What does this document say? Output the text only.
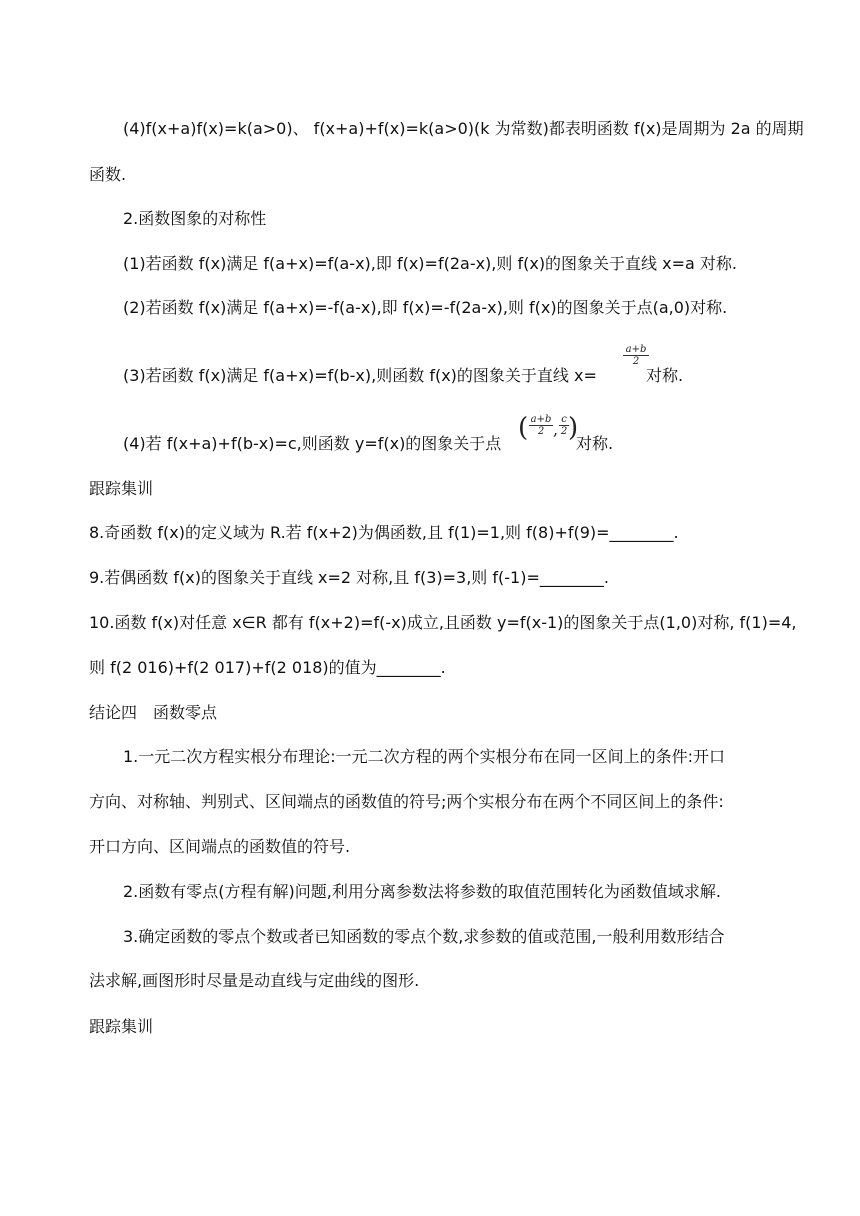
(4)f(x+a)f(x)=k(a>0)、 f(x+a)+f(x)=k(a>0)(k 为常数)都表明函数 f(x)是周期为 2a 的周期
函数.
2.函数图象的对称性
(1)若函数 f(x)满足 f(a+x)=f(a-x),即 f(x)=f(2a-x),则 f(x)的图象关于直线 x=a 对称.
(2)若函数 f(x)满足 f(a+x)=-f(a-x),即 f(x)=-f(2a-x),则 f(x)的图象关于点(a,0)对称.
(3)若函数 f(x)满足 f(a+x)=f(b-x),则函数 f(x)的图象关于直线 x=
a+b
2
对称.
(4)若 f(x+a)+f(b-x)=c,则函数 y=f(x)的图象关于点
( a+b
2 ,
c
2 )
对称.
跟踪集训
8.奇函数 f(x)的定义域为 R.若 f(x+2)为偶函数,且 f(1)=1,则 f(8)+f(9)=________.
9.若偶函数 f(x)的图象关于直线 x=2 对称,且 f(3)=3,则 f(-1)=________.
10.函数 f(x)对任意 x∈R 都有 f(x+2)=f(-x)成立,且函数 y=f(x-1)的图象关于点(1,0)对称, f(1)=4,
则 f(2 016)+f(2 017)+f(2 018)的值为________.
结论四　函数零点
1.一元二次方程实根分布理论:一元二次方程的两个实根分布在同一区间上的条件:开口
方向、对称轴、判别式、区间端点的函数值的符号;两个实根分布在两个不同区间上的条件:
开口方向、区间端点的函数值的符号.
2.函数有零点(方程有解)问题,利用分离参数法将参数的取值范围转化为函数值域求解.
3.确定函数的零点个数或者已知函数的零点个数,求参数的值或范围,一般利用数形结合
法求解,画图形时尽量是动直线与定曲线的图形.
跟踪集训
